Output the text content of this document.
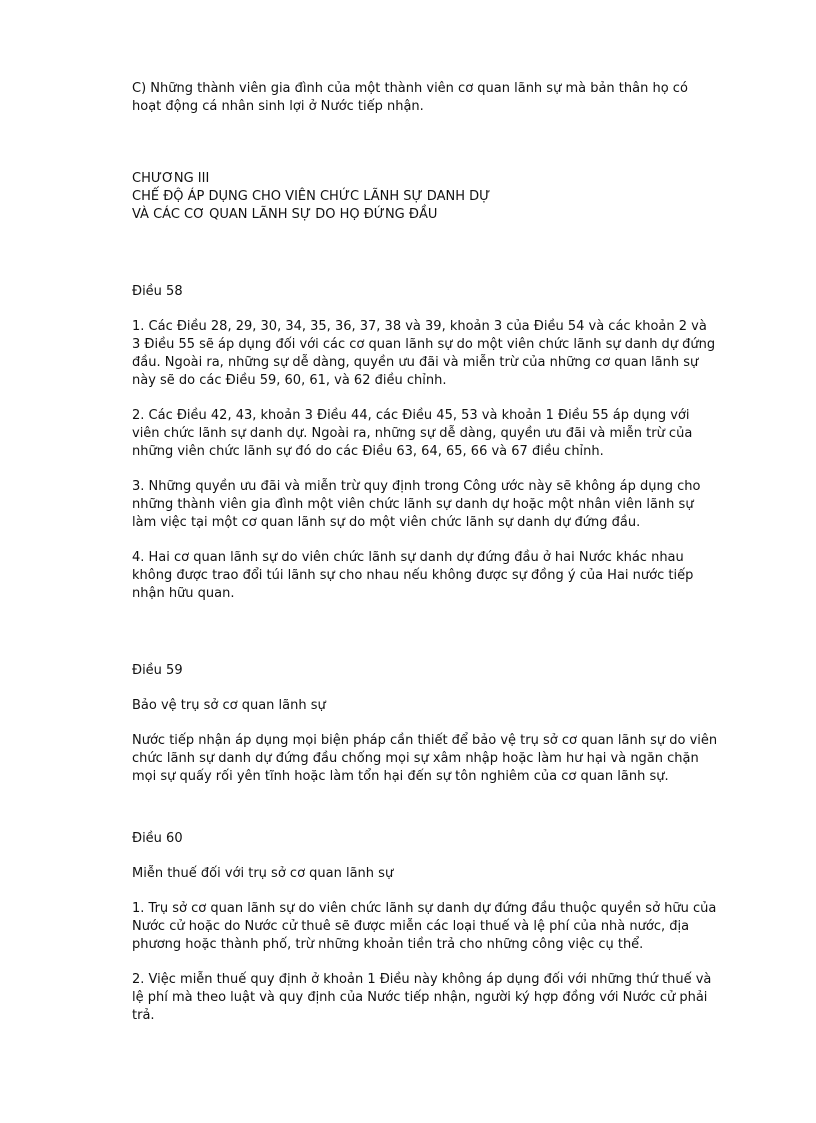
C) Những thành viên gia đình của một thành viên cơ quan lãnh sự mà bản thân họ có
hoạt động cá nhân sinh lợi ở Nước tiếp nhận.

CHƯƠNG III

CHẾ ĐỘ ÁP DỤNG CHO VIÊN CHỨC LÃNH SỰ DANH DỰ

VÀ CÁC CƠ QUAN LÃNH SỰ DO HỌ ĐỨNG ĐẦU

Điều 58

1. Các Điều 28, 29, 30, 34, 35, 36, 37, 38 và 39, khoản 3 của Điều 54 và các khoản 2 và
3 Điều 55 sẽ áp dụng đối với các cơ quan lãnh sự do một viên chức lãnh sự danh dự đứng
đầu. Ngoài ra, những sự dễ dàng, quyền ưu đãi và miễn trừ của những cơ quan lãnh sự
này sẽ do các Điều 59, 60, 61, và 62 điều chỉnh.

2. Các Điều 42, 43, khoản 3 Điều 44, các Điều 45, 53 và khoản 1 Điều 55 áp dụng với
viên chức lãnh sự danh dự. Ngoài ra, những sự dễ dàng, quyền ưu đãi và miễn trừ của
những viên chức lãnh sự đó do các Điều 63, 64, 65, 66 và 67 điều chỉnh.

3. Những quyền ưu đãi và miễn trừ quy định trong Công ước này sẽ không áp dụng cho
những thành viên gia đình một viên chức lãnh sự danh dự hoặc một nhân viên lãnh sự
làm việc tại một cơ quan lãnh sự do một viên chức lãnh sự danh dự đứng đầu.

4. Hai cơ quan lãnh sự do viên chức lãnh sự danh dự đứng đầu ở hai Nước khác nhau
không được trao đổi túi lãnh sự cho nhau nếu không được sự đồng ý của Hai nước tiếp
nhận hữu quan.

Điều 59

Bảo vệ trụ sở cơ quan lãnh sự

Nước tiếp nhận áp dụng mọi biện pháp cần thiết để bảo vệ trụ sở cơ quan lãnh sự do viên
chức lãnh sự danh dự đứng đầu chống mọi sự xâm nhập hoặc làm hư hại và ngăn chặn
mọi sự quấy rối yên tĩnh hoặc làm tổn hại đến sự tôn nghiêm của cơ quan lãnh sự.

Điều 60

Miễn thuế đối với trụ sở cơ quan lãnh sự

1. Trụ sở cơ quan lãnh sự do viên chức lãnh sự danh dự đứng đầu thuộc quyền sở hữu của
Nước cử hoặc do Nước cử thuê sẽ được miễn các loại thuế và lệ phí của nhà nước, địa
phương hoặc thành phố, trừ những khoản tiền trả cho những công việc cụ thể.

2. Việc miễn thuế quy định ở khoản 1 Điều này không áp dụng đối với những thứ thuế và
lệ phí mà theo luật và quy định của Nước tiếp nhận, người ký hợp đồng với Nước cử phải
trả.
